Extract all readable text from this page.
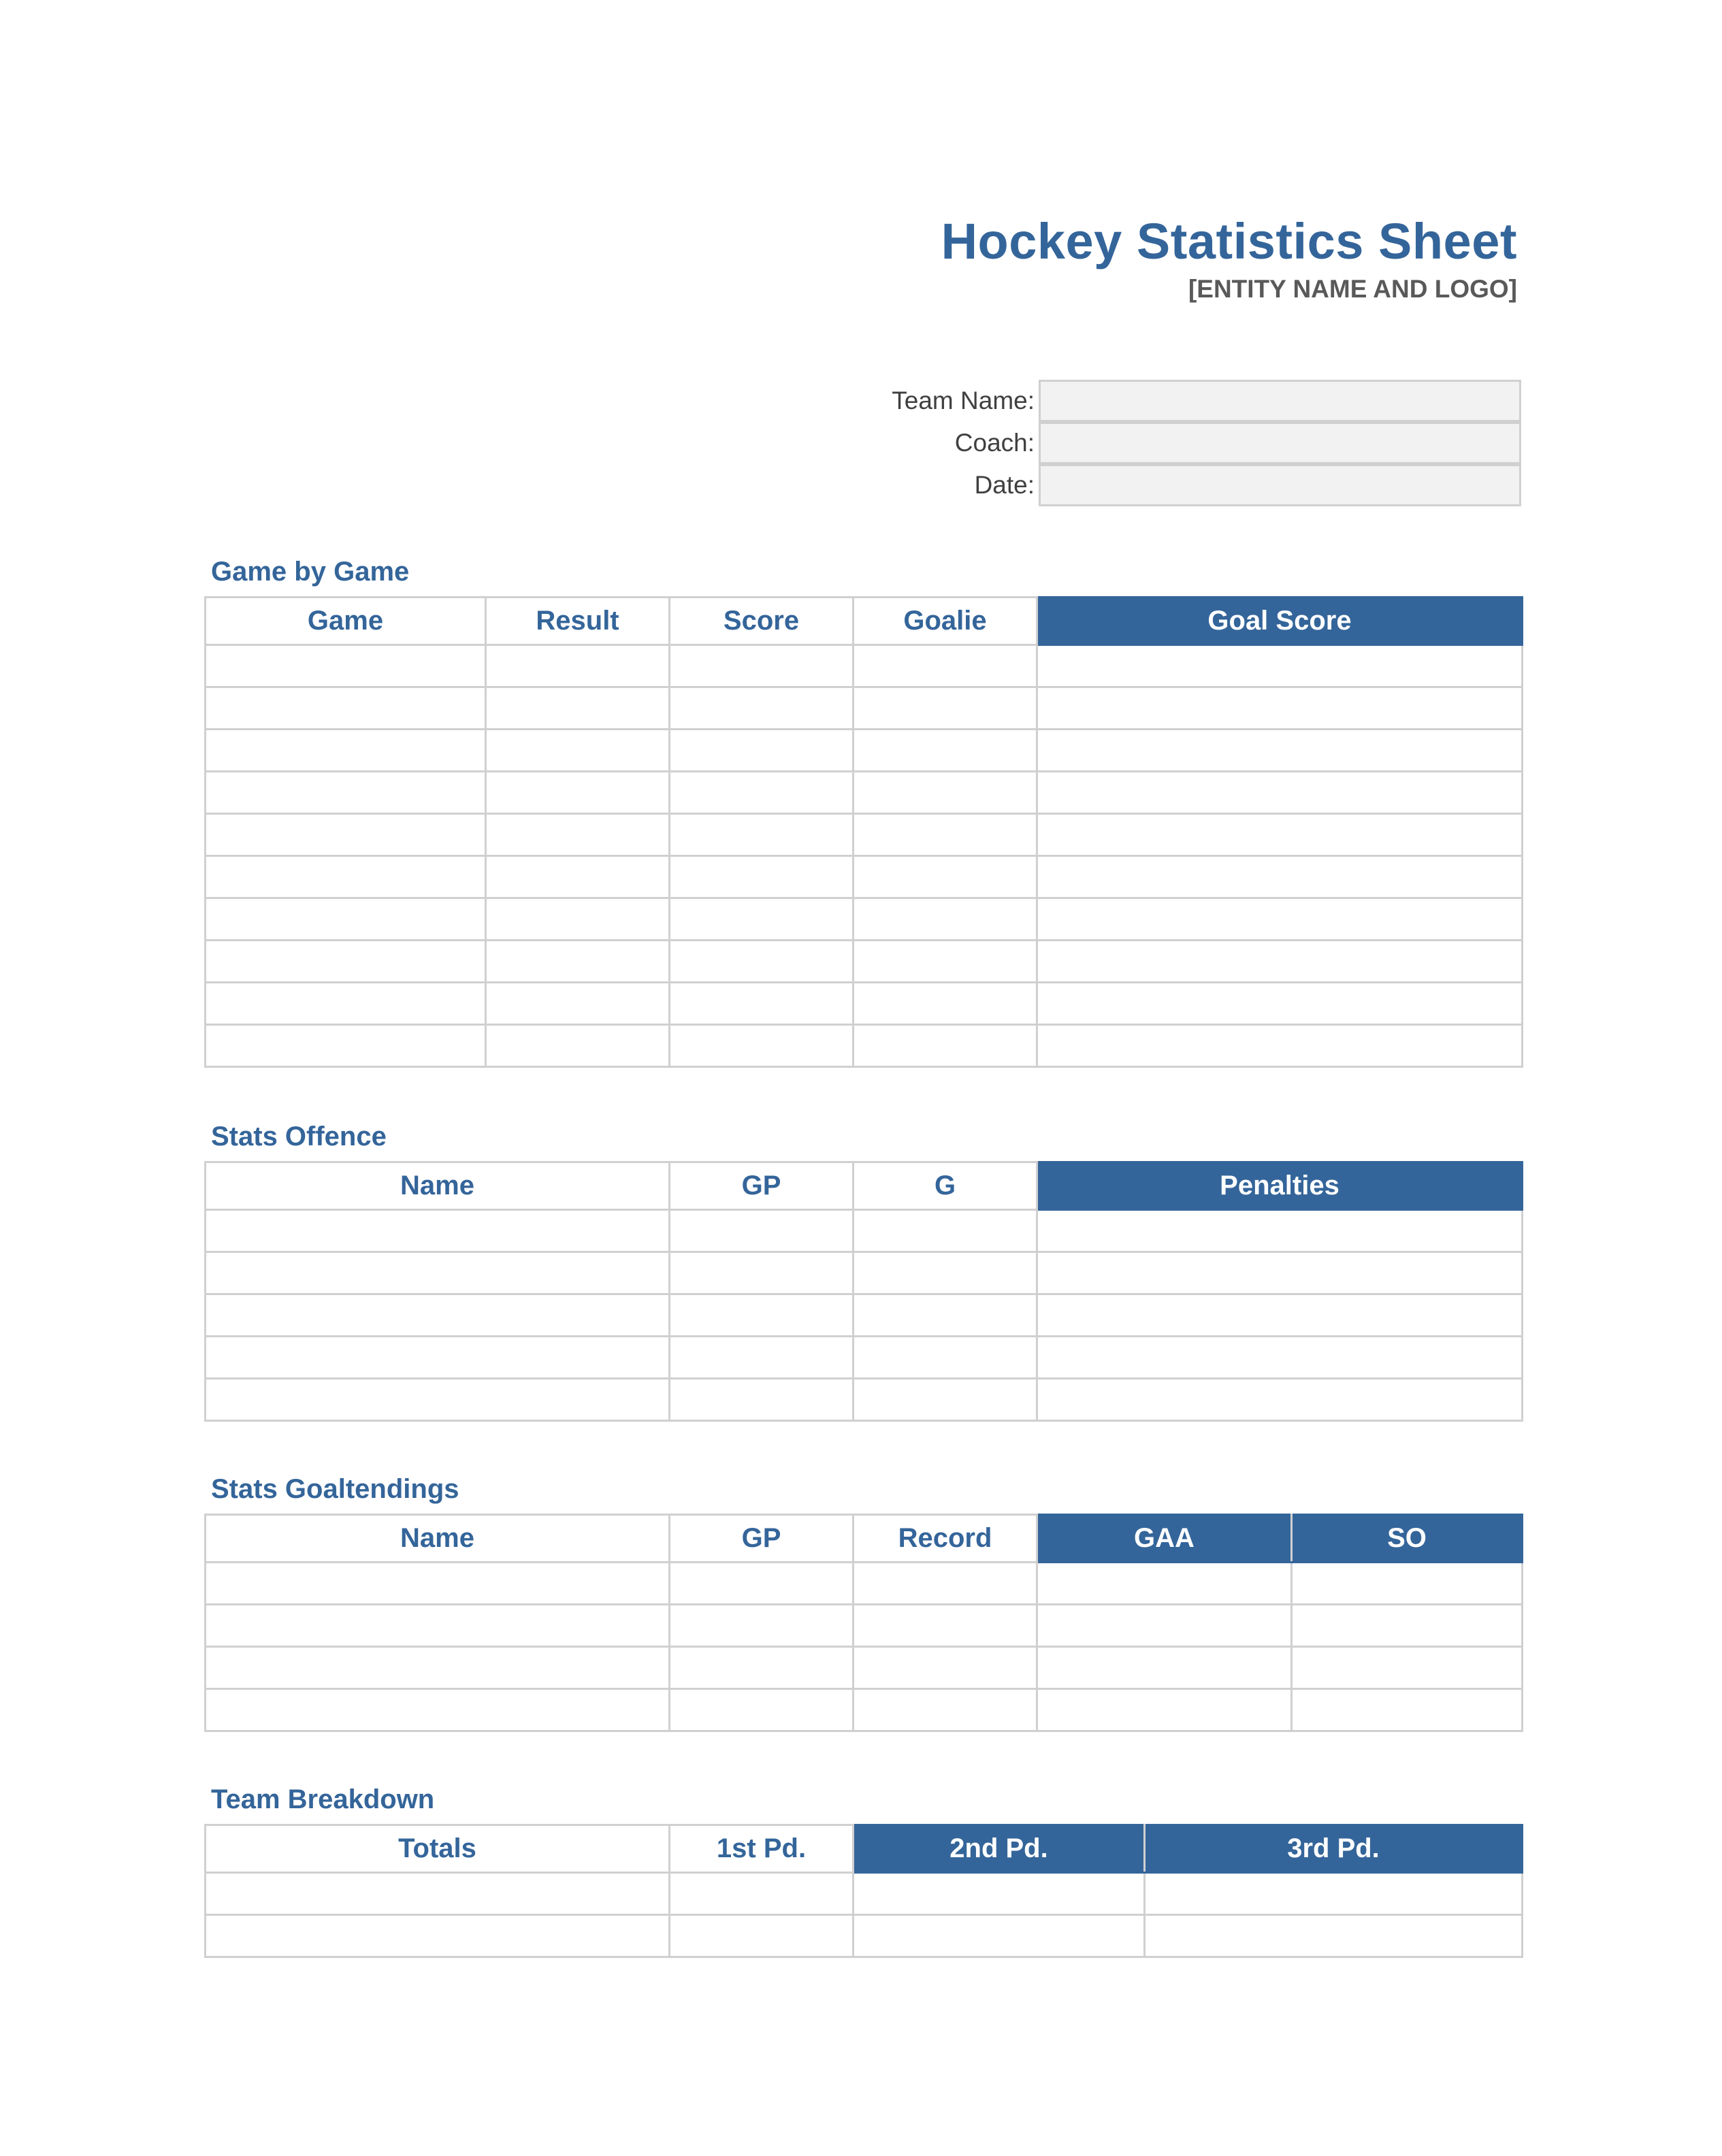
Hockey Statistics Sheet
[ENTITY NAME AND LOGO]
Team Name:
Coach:
Date:
Game by Game
Game	Result	Score	Goalie	Goal Score

Stats Offence
Name	GP	G	Penalties

Stats Goaltendings
Name	GP	Record	GAA	SO

Team Breakdown
Totals	1st Pd.	2nd Pd.	3rd Pd.
